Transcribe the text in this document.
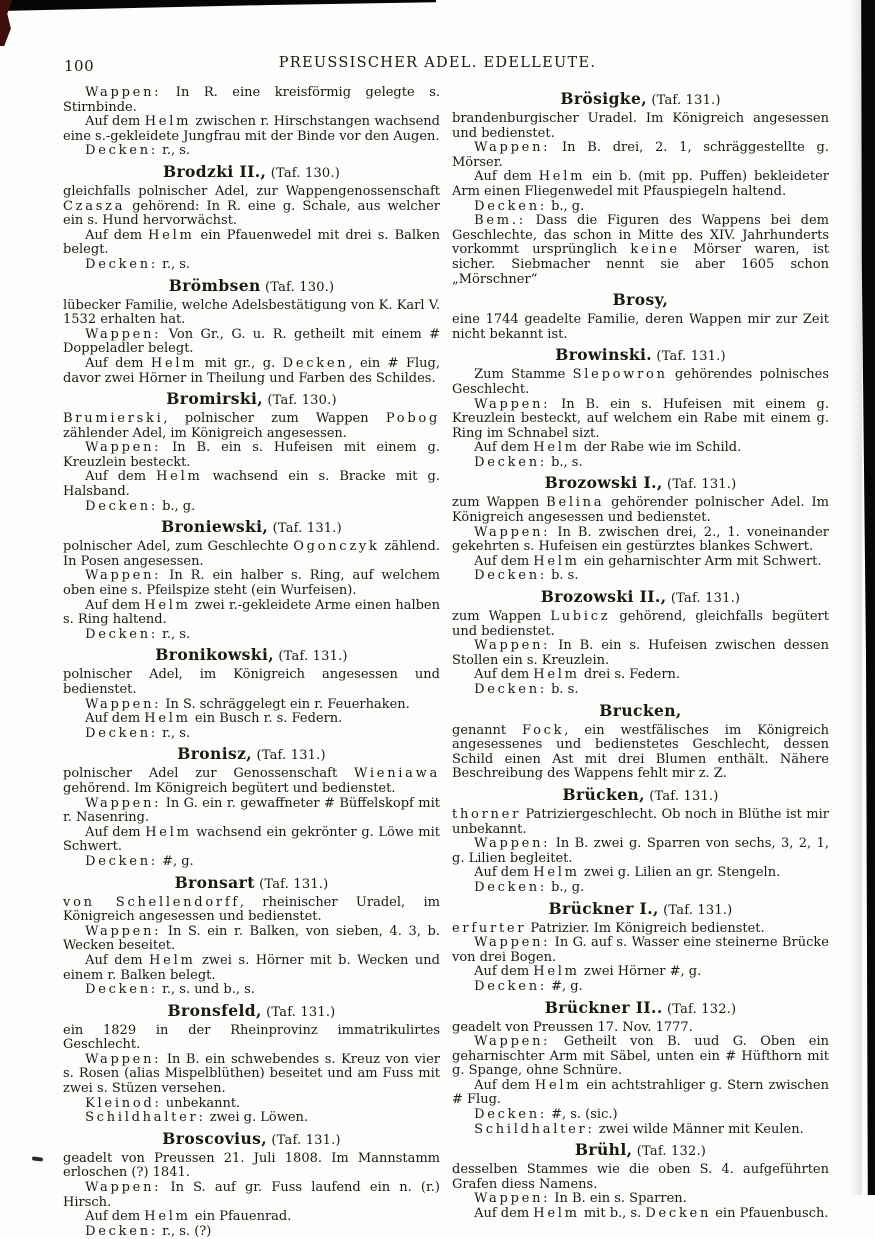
100	PREUSSISCHER ADEL. EDELLEUTE.

Wappen: In R. eine kreisförmig gelegte s. Stirnbinde.

Auf dem Helm zwischen r. Hirschstangen wachsend eine s.-gekleidete Jungfrau mit der Binde vor den Augen.

Decken: r., s.

Brodzki II., (Taf. 130.)

gleichfalls polnischer Adel, zur Wappengenossenschaft Czasza gehörend: In R. eine g. Schale, aus welcher ein s. Hund hervorwächst.

Auf dem Helm ein Pfauenwedel mit drei s. Balken belegt.

Decken: r., s.

Brömbsen (Taf. 130.)

lübecker Familie, welche Adelsbestätigung von K. Karl V. 1532 erhalten hat.

Wappen: Von Gr., G. u. R. getheilt mit einem # Doppeladler belegt.

Auf dem Helm mit gr., g. Decken, ein # Flug, davor zwei Hörner in Theilung und Farben des Schildes.

Bromirski, (Taf. 130.)

Brumierski, polnischer zum Wappen Pobog zählender Adel, im Königreich angesessen.

Wappen: In B. ein s. Hufeisen mit einem g. Kreuzlein besteckt.

Auf dem Helm wachsend ein s. Bracke mit g. Halsband.

Decken: b., g.

Broniewski, (Taf. 131.)

polnischer Adel, zum Geschlechte Ogonczyk zählend. In Posen angesessen.

Wappen: In R. ein halber s. Ring, auf welchem oben eine s. Pfeilspize steht (ein Wurfeisen).

Auf dem Helm zwei r.-gekleidete Arme einen halben s. Ring haltend.

Decken: r., s.

Bronikowski, (Taf. 131.)

polnischer Adel, im Königreich angesessen und bedienstet.

Wappen: In S. schräggelegt ein r. Feuerhaken.

Auf dem Helm ein Busch r. s. Federn.

Decken: r., s.

Bronisz, (Taf. 131.)

polnischer Adel zur Genossenschaft Wieniawa gehörend. Im Königreich begütert und bedienstet.

Wappen: In G. ein r. gewaffneter # Büffelskopf mit r. Nasenring.

Auf dem Helm wachsend ein gekrönter g. Löwe mit Schwert.

Decken: #, g.

Bronsart (Taf. 131.)

von Schellendorff, rheinischer Uradel, im Königreich angesessen und bedienstet.

Wappen: In S. ein r. Balken, von sieben, 4. 3, b. Wecken beseitet.

Auf dem Helm zwei s. Hörner mit b. Wecken und einem r. Balken belegt.

Decken: r., s. und b., s.

Bronsfeld, (Taf. 131.)

ein 1829 in der Rheinprovinz immatrikulirtes Geschlecht.

Wappen: In B. ein schwebendes s. Kreuz von vier s. Rosen (alias Mispelblüthen) beseitet und am Fuss mit zwei s. Stüzen versehen.

Kleinod: unbekannt.

Schildhalter: zwei g. Löwen.

Broscovius, (Taf. 131.)

geadelt von Preussen 21. Juli 1808. Im Mannstamm erloschen (?) 1841.

Wappen: In S. auf gr. Fuss laufend ein n. (r.) Hirsch.

Auf dem Helm ein Pfauenrad.

Decken: r., s. (?)

Brösigke, (Taf. 131.)

brandenburgischer Uradel. Im Königreich angesessen und bedienstet.

Wappen: In B. drei, 2. 1, schräggestellte g. Mörser.

Auf dem Helm ein b. (mit pp. Puffen) bekleideter Arm einen Fliegenwedel mit Pfauspiegeln haltend.

Decken: b., g.

Bem.: Dass die Figuren des Wappens bei dem Geschlechte, das schon in Mitte des XIV. Jahrhunderts vorkommt ursprünglich keine Mörser waren, ist sicher. Siebmacher nennt sie aber 1605 schon „Mörschner“

Brosy,

eine 1744 geadelte Familie, deren Wappen mir zur Zeit nicht bekannt ist.

Browinski. (Taf. 131.)

Zum Stamme Slepowron gehörendes polnisches Geschlecht.

Wappen: In B. ein s. Hufeisen mit einem g. Kreuzlein besteckt, auf welchem ein Rabe mit einem g. Ring im Schnabel sizt.

Auf dem Helm der Rabe wie im Schild.

Decken: b., s.

Brozowski I., (Taf. 131.)

zum Wappen Belina gehörender polnischer Adel. Im Königreich angesessen und bedienstet.

Wappen: In B. zwischen drei, 2., 1. voneinander gekehrten s. Hufeisen ein gestürztes blankes Schwert.

Auf dem Helm ein geharnischter Arm mit Schwert.

Decken: b. s.

Brozowski II., (Taf. 131.)

zum Wappen Lubicz gehörend, gleichfalls begütert und bedienstet.

Wappen: In B. ein s. Hufeisen zwischen dessen Stollen ein s. Kreuzlein.

Auf dem Helm drei s. Federn.

Decken: b. s.

Brucken,

genannt Fock, ein westfälisches im Königreich angesessenes und bedienstetes Geschlecht, dessen Schild einen Ast mit drei Blumen enthält. Nähere Beschreibung des Wappens fehlt mir z. Z.

Brücken, (Taf. 131.)

thorner Patriziergeschlecht. Ob noch in Blüthe ist mir unbekannt.

Wappen: In B. zwei g. Sparren von sechs, 3, 2, 1, g. Lilien begleitet.

Auf dem Helm zwei g. Lilien an gr. Stengeln.

Decken: b., g.

Brückner I., (Taf. 131.)

erfurter Patrizier. Im Königreich bedienstet.

Wappen: In G. auf s. Wasser eine steinerne Brücke von drei Bogen.

Auf dem Helm zwei Hörner #, g.

Decken: #, g.

Brückner II.. (Taf. 132.)

geadelt von Preussen 17. Nov. 1777.

Wappen: Getheilt von B. uud G. Oben ein geharnischter Arm mit Säbel, unten ein # Hüfthorn mit g. Spange, ohne Schnüre.

Auf dem Helm ein achtstrahliger g. Stern zwischen # Flug.

Decken: #, s. (sic.)

Schildhalter: zwei wilde Männer mit Keulen.

Brühl, (Taf. 132.)

desselben Stammes wie die oben S. 4. aufgeführten Grafen diess Namens.

Wappen: In B. ein s. Sparren.

Auf dem Helm mit b., s. Decken ein Pfauenbusch.
